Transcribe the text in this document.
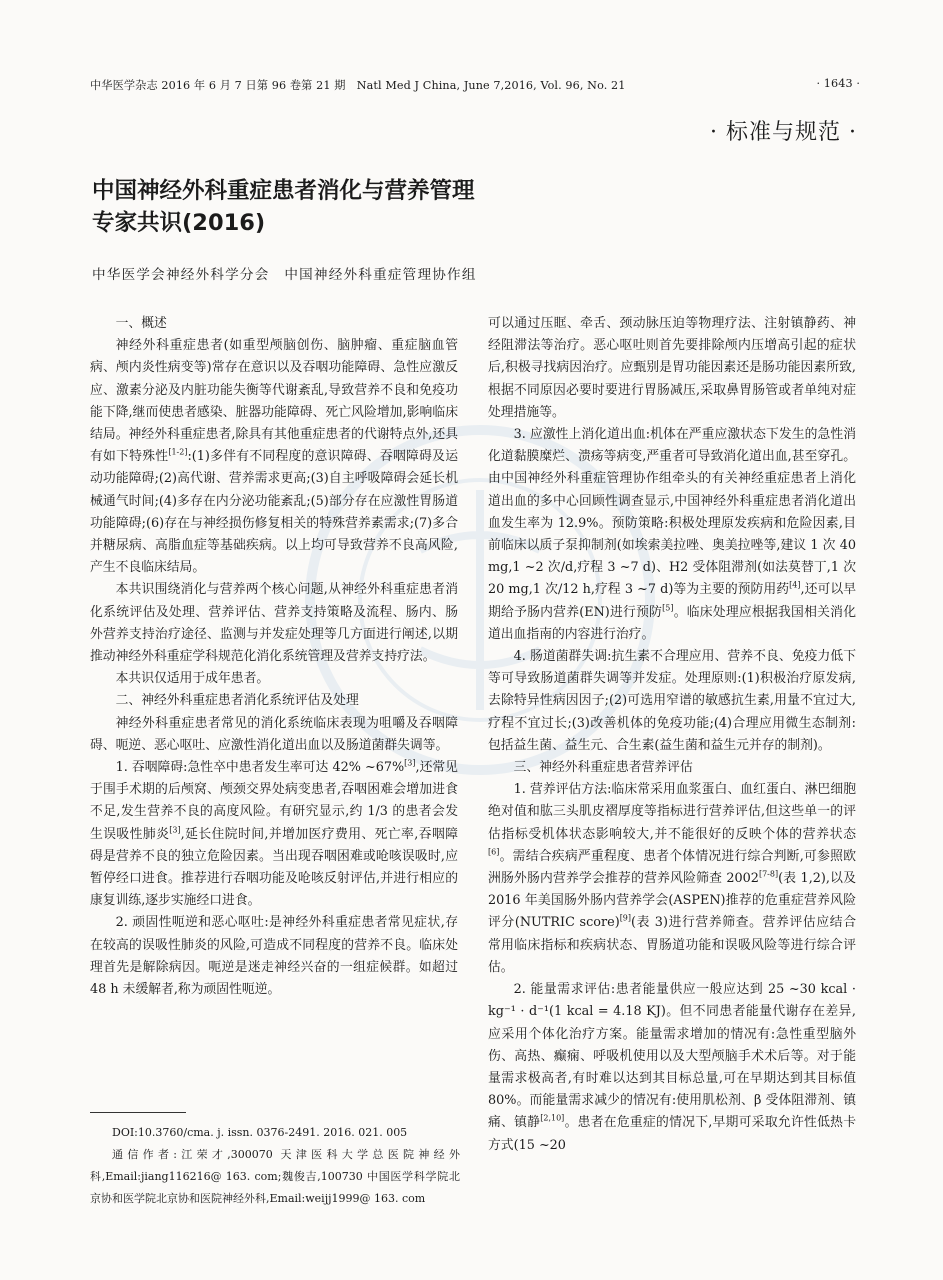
中华医学杂志 2016 年 6 月 7 日第 96 卷第 21 期　Natl Med J China, June 7,2016, Vol. 96, No. 21	· 1643 ·
· 标准与规范 ·
中国神经外科重症患者消化与营养管理
专家共识(2016)
中华医学会神经外科学分会　中国神经外科重症管理协作组

一、概述

神经外科重症患者(如重型颅脑创伤、脑肿瘤、重症脑血管病、颅内炎性病变等)常存在意识以及吞咽功能障碍、急性应激反应、激素分泌及内脏功能失衡等代谢紊乱,导致营养不良和免疫功能下降,继而使患者感染、脏器功能障碍、死亡风险增加,影响临床结局。神经外科重症患者,除具有其他重症患者的代谢特点外,还具有如下特殊性[1-2]:(1)多伴有不同程度的意识障碍、吞咽障碍及运动功能障碍;(2)高代谢、营养需求更高;(3)自主呼吸障碍会延长机械通气时间;(4)多存在内分泌功能紊乱;(5)部分存在应激性胃肠道功能障碍;(6)存在与神经损伤修复相关的特殊营养素需求;(7)多合并糖尿病、高脂血症等基础疾病。以上均可导致营养不良高风险,产生不良临床结局。

本共识围绕消化与营养两个核心问题,从神经外科重症患者消化系统评估及处理、营养评估、营养支持策略及流程、肠内、肠外营养支持治疗途径、监测与并发症处理等几方面进行阐述,以期推动神经外科重症学科规范化消化系统管理及营养支持疗法。

本共识仅适用于成年患者。

二、神经外科重症患者消化系统评估及处理

神经外科重症患者常见的消化系统临床表现为咀嚼及吞咽障碍、呃逆、恶心呕吐、应激性消化道出血以及肠道菌群失调等。

1. 吞咽障碍:急性卒中患者发生率可达 42% ~67%[3],还常见于围手术期的后颅窝、颅颈交界处病变患者,吞咽困难会增加进食不足,发生营养不良的高度风险。有研究显示,约 1/3 的患者会发生误吸性肺炎[3],延长住院时间,并增加医疗费用、死亡率,吞咽障碍是营养不良的独立危险因素。当出现吞咽困难或呛咳误吸时,应暂停经口进食。推荐进行吞咽功能及呛咳反射评估,并进行相应的康复训练,逐步实施经口进食。

2. 顽固性呃逆和恶心呕吐:是神经外科重症患者常见症状,存在较高的误吸性肺炎的风险,可造成不同程度的营养不良。临床处理首先是解除病因。呃逆是迷走神经兴奋的一组症候群。如超过 48 h 未缓解者,称为顽固性呃逆。

可以通过压眶、牵舌、颈动脉压迫等物理疗法、注射镇静药、神经阻滞法等治疗。恶心呕吐则首先要排除颅内压增高引起的症状后,积极寻找病因治疗。应甄别是胃功能因素还是肠功能因素所致,根据不同原因必要时要进行胃肠减压,采取鼻胃肠管或者单纯对症处理措施等。

3. 应激性上消化道出血:机体在严重应激状态下发生的急性消化道黏膜糜烂、溃疡等病变,严重者可导致消化道出血,甚至穿孔。由中国神经外科重症管理协作组牵头的有关神经重症患者上消化道出血的多中心回顾性调查显示,中国神经外科重症患者消化道出血发生率为 12.9%。预防策略:积极处理原发疾病和危险因素,目前临床以质子泵抑制剂(如埃索美拉唑、奥美拉唑等,建议 1 次 40 mg,1 ~2 次/d,疗程 3 ~7 d)、H2 受体阻滞剂(如法莫替丁,1 次 20 mg,1 次/12 h,疗程 3 ~7 d)等为主要的预防用药[4],还可以早期给予肠内营养(EN)进行预防[5]。临床处理应根据我国相关消化道出血指南的内容进行治疗。

4. 肠道菌群失调:抗生素不合理应用、营养不良、免疫力低下等可导致肠道菌群失调等并发症。处理原则:(1)积极治疗原发病,去除特异性病因因子;(2)可选用窄谱的敏感抗生素,用量不宜过大,疗程不宜过长;(3)改善机体的免疫功能;(4)合理应用微生态制剂:包括益生菌、益生元、合生素(益生菌和益生元并存的制剂)。

三、神经外科重症患者营养评估

1. 营养评估方法:临床常采用血浆蛋白、血红蛋白、淋巴细胞绝对值和肱三头肌皮褶厚度等指标进行营养评估,但这些单一的评估指标受机体状态影响较大,并不能很好的反映个体的营养状态[6]。需结合疾病严重程度、患者个体情况进行综合判断,可参照欧洲肠外肠内营养学会推荐的营养风险筛查 2002[7-8](表 1,2),以及 2016 年美国肠外肠内营养学会(ASPEN)推荐的危重症营养风险评分(NUTRIC score)[9](表 3)进行营养筛查。营养评估应结合常用临床指标和疾病状态、胃肠道功能和误吸风险等进行综合评估。

2. 能量需求评估:患者能量供应一般应达到 25 ~30 kcal · kg⁻¹ · d⁻¹(1 kcal = 4.18 KJ)。但不同患者能量代谢存在差异,应采用个体化治疗方案。能量需求增加的情况有:急性重型脑外伤、高热、癫痫、呼吸机使用以及大型颅脑手术术后等。对于能量需求极高者,有时难以达到其目标总量,可在早期达到其目标值 80%。而能量需求减少的情况有:使用肌松剂、β 受体阻滞剂、镇痛、镇静[2,10]。患者在危重症的情况下,早期可采取允许性低热卡方式(15 ~20

DOI:10.3760/cma. j. issn. 0376-2491. 2016. 021. 005

通信作者:江荣才,300070 天津医科大学总医院神经外科,Email:jiang116216@ 163. com;魏俊吉,100730 中国医学科学院北京协和医学院北京协和医院神经外科,Email:weijj1999@ 163. com
